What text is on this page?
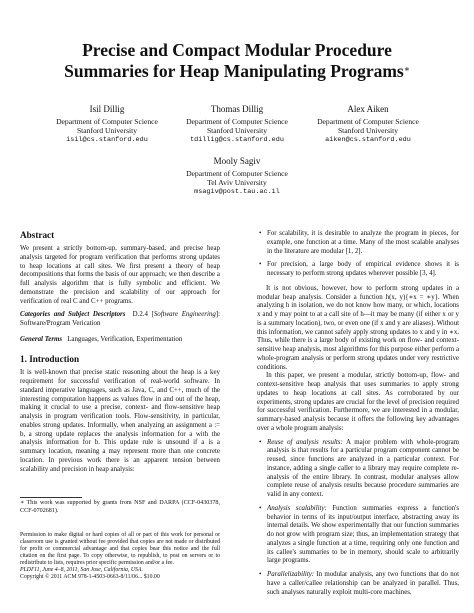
Precise and Compact Modular Procedure
Summaries for Heap Manipulating Programs∗
Isil Dillig
Department of Computer Science
Stanford University
isil@cs.stanford.edu
Thomas Dillig
Department of Computer Science
Stanford University
tdillig@cs.stanford.edu
Alex Aiken
Department of Computer Science
Stanford University
aiken@cs.stanford.edu
Mooly Sagiv
Department of Computer Science
Tel Aviv University
msagiv@post.tau.ac.il
Abstract

We present a strictly bottom-up, summary-based, and precise heap analysis targeted for program verification that performs strong updates to heap locations at call sites. We first present a theory of heap decompositions that forms the basis of our approach; we then describe a full analysis algorithm that is fully symbolic and efficient. We demonstrate the precision and scalability of our approach for verification of real C and C++ programs.

Categories and Subject Descriptors D.2.4 [Software Engineering]: Software/Program Verication

General Terms Languages, Verification, Experimentation

1. Introduction

It is well-known that precise static reasoning about the heap is a key requirement for successful verification of real-world software. In standard imperative languages, such as Java, C, and C++, much of the interesting computation happens as values flow in and out of the heap, making it crucial to use a precise, context- and flow-sensitive heap analysis in program verification tools. Flow-sensitivity, in particular, enables strong updates. Informally, when analyzing an assignment a := b, a strong update replaces the analysis information for a with the analysis information for b. This update rule is unsound if a is a summary location, meaning a may represent more than one concrete location. In previous work there is an apparent tension between scalability and precision in heap analysis:

∗ This work was supported by grants from NSF and DARPA (CCF-0430378, CCF-0702681).
Permission to make digital or hard copies of all or part of this work for personal or classroom use is granted without fee provided that copies are not made or distributed for profit or commercial advantage and that copies bear this notice and the full citation on the first page. To copy otherwise, to republish, to post on servers or to redistribute to lists, requires prior specific permission and/or a fee.
PLDI'11, June 4–8, 2011, San Jose, California, USA.
Copyright © 2011 ACM 978-1-4503-0663-8/11/06... $10.00
• For scalability, it is desirable to analyze the program in pieces, for example, one function at a time. Many of the most scalable analyses in the literature are modular [1, 2].
• For precision, a large body of empirical evidence shows it is necessary to perform strong updates wherever possible [3, 4].

It is not obvious, however, how to perform strong updates in a modular heap analysis. Consider a function h(x, y){∗x = ∗y}. When analyzing h in isolation, we do not know how many, or which, locations x and y may point to at a call site of h—it may be many (if either x or y is a summary location), two, or even one (if x and y are aliases). Without this information, we cannot safely apply strong updates to x and y in ∗x. Thus, while there is a large body of existing work on flow- and context-sensitive heap analysis, most algorithms for this purpose either perform a whole-program analysis or perform strong updates under very restrictive conditions.

In this paper, we present a modular, strictly bottom-up, flow- and context-sensitive heap analysis that uses summaries to apply strong updates to heap locations at call sites. As corroborated by our experiments, strong updates are crucial for the level of precision required for successful verification. Furthermore, we are interested in a modular, summary-based analysis because it offers the following key advantages over a whole program analysis:

• Reuse of analysis results: A major problem with whole-program analysis is that results for a particular program component cannot be reused, since functions are analyzed in a particular context. For instance, adding a single caller to a library may require complete re-analysis of the entire library. In contrast, modular analyses allow complete reuse of analysis results because procedure summaries are valid in any context.
• Analysis scalability: Function summaries express a function's behavior in terms of its input/output interface, abstracting away its internal details. We show experimentally that our function summaries do not grow with program size; thus, an implementation strategy that analyzes a single function at a time, requiring only one function and its callee's summaries to be in memory, should scale to arbitrarily large programs.
• Parallelizability: In modular analysis, any two functions that do not have a caller/callee relationship can be analyzed in parallel. Thus, such analyses naturally exploit multi-core machines.
